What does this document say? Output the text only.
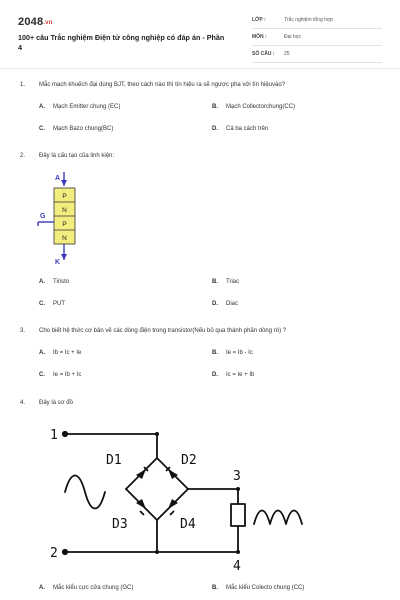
2048.vn
100+ câu Trắc nghiệm Điện tử công nghiệp có đáp án - Phần 4
LỚP :	Trắc nghiệm tổng hợp
MÔN :	Đại học
SỐ CÂU : 25
1. Mắc mạch khuếch đại dùng BJT, theo cách nào thì tín hiệu ra sẽ ngược pha với tín hiệuvào?
A. Mạch Emitter chung (EC)	B. Mạch Collectorchung(CC)
C. Mạch Bazo chung(BC)	D. Cả ba cách trên
2. Đây là cấu tạo của linh kiện:
A
P
N
P
N
G
K
A. Tiristo	B. Triac
C. PUT	D. Diac
3. Cho biết hệ thức cơ bản về các dòng điện trong transistor(Nếu bỏ qua thành phần dòng rò) ?
A. Ib = Ic + Ie	B. Ie = Ib - Ic
C. Ie = Ib + Ic	D. Ic = Ie + Ib
4. Đây là sơ đồ
1
2
3
4
D1	D2
D3	D4
A. Mắc kiểu cực cửa chung (GC)	B. Mắc kiểu Colecto chung (CC)
